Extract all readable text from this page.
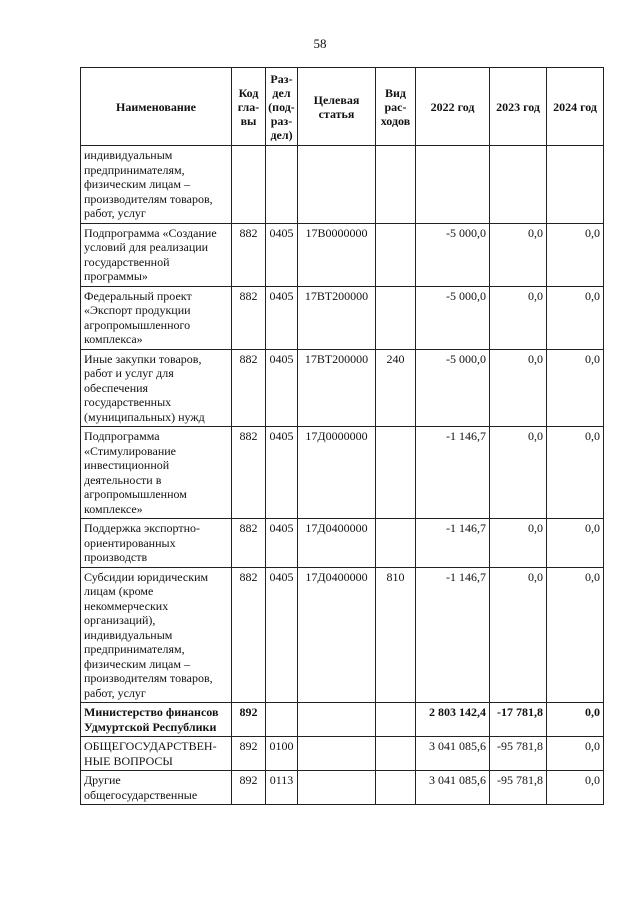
58
Наименование	Код гла-вы	Раз-дел (под-раз-дел)	Целевая статья	Вид рас-ходов	2022 год	2023 год	2024 год
индивидуальным предпринимателям, физическим лицам – производителям товаров, работ, услуг							
Подпрограмма «Создание условий для реализации государственной программы»	882	0405	17В0000000		-5 000,0	0,0	0,0
Федеральный проект «Экспорт продукции агропромышленного комплекса»	882	0405	17ВТ200000		-5 000,0	0,0	0,0
Иные закупки товаров, работ и услуг для обеспечения государственных (муниципальных) нужд	882	0405	17ВТ200000	240	-5 000,0	0,0	0,0
Подпрограмма «Стимулирование инвестиционной деятельности в агропромышленном комплексе»	882	0405	17Д0000000		-1 146,7	0,0	0,0
Поддержка экспортно-ориентированных производств	882	0405	17Д0400000		-1 146,7	0,0	0,0
Субсидии юридическим лицам (кроме некоммерческих организаций), индивидуальным предпринимателям, физическим лицам – производителям товаров, работ, услуг	882	0405	17Д0400000	810	-1 146,7	0,0	0,0
Министерство финансов Удмуртской Республики	892				2 803 142,4	-17 781,8	0,0
ОБЩЕГОСУДАРСТВЕН-НЫЕ ВОПРОСЫ	892	0100			3 041 085,6	-95 781,8	0,0
Другие общегосударственные	892	0113			3 041 085,6	-95 781,8	0,0
